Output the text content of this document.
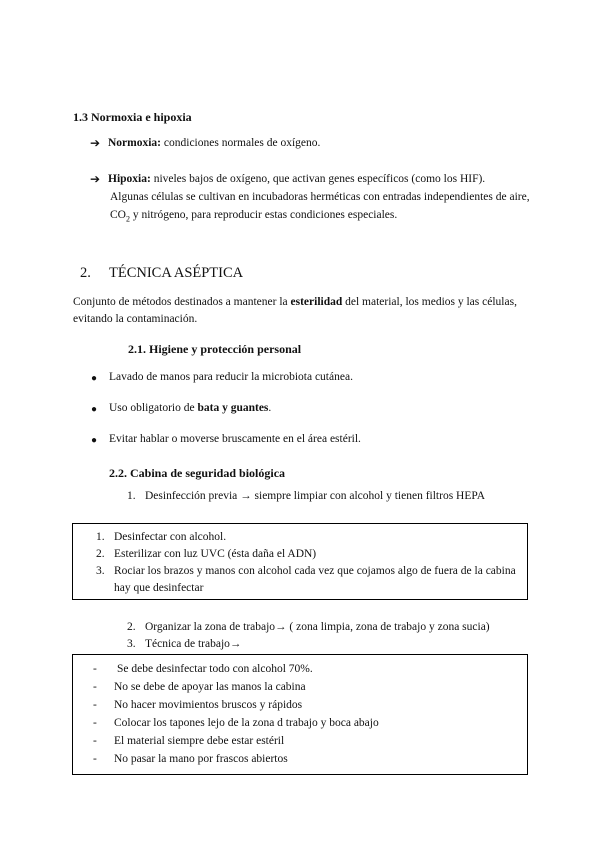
1.3 Normoxia e hipoxia
➔ Normoxia: condiciones normales de oxígeno.
➔ Hipoxia: niveles bajos de oxígeno, que activan genes específicos (como los HIF).
Algunas células se cultivan en incubadoras herméticas con entradas independientes de aire,
$CO_2$ y nitrógeno, para reproducir estas condiciones especiales.
2. TÉCNICA ASÉPTICA
Conjunto de métodos destinados a mantener la esterilidad del material, los medios y las células,
evitando la contaminación.
2.1. Higiene y protección personal
● Lavado de manos para reducir la microbiota cutánea.
● Uso obligatorio de bata y guantes.
● Evitar hablar o moverse bruscamente en el área estéril.
2.2. Cabina de seguridad biológica
1. Desinfección previa → siempre limpiar con alcohol y tienen filtros HEPA
1. Desinfectar con alcohol.
2. Esterilizar con luz UVC (ésta daña el ADN)
3. Rociar los brazos y manos con alcohol cada vez que cojamos algo de fuera de la cabina
hay que desinfectar
2. Organizar la zona de trabajo→ ( zona limpia, zona de trabajo y zona sucia)
3. Técnica de trabajo→
- Se debe desinfectar todo con alcohol 70%.
- No se debe de apoyar las manos la cabina
- No hacer movimientos bruscos y rápidos
- Colocar los tapones lejo de la zona d trabajo y boca abajo
- El material siempre debe estar estéril
- No pasar la mano por frascos abiertos
